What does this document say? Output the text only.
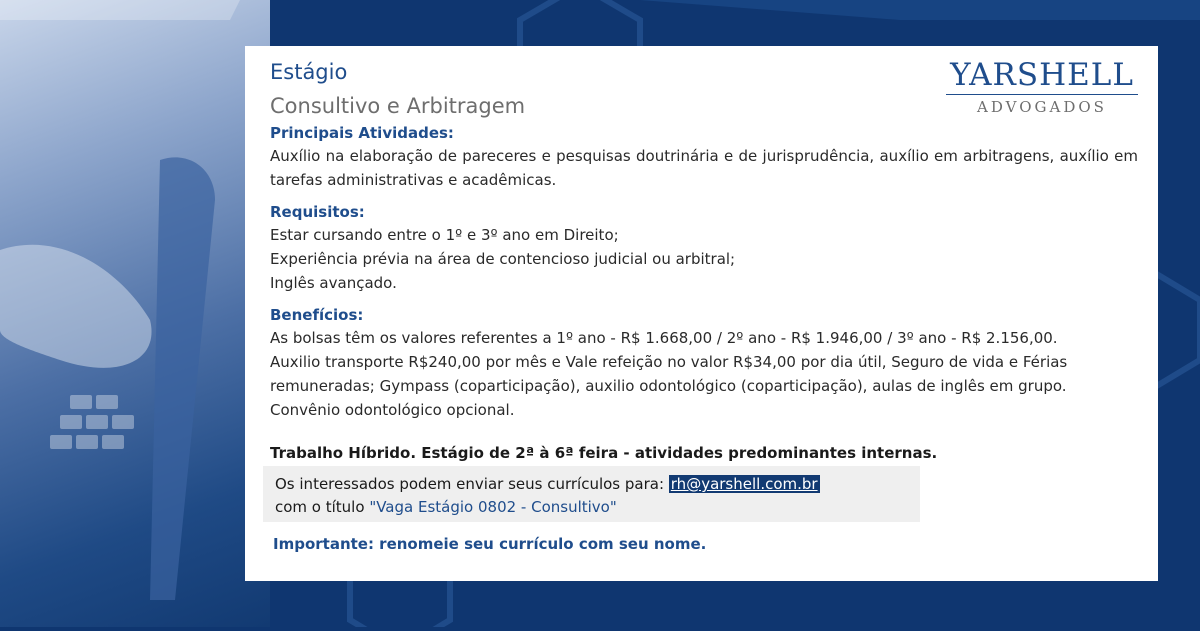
Estágio
Consultivo e Arbitragem
YARSHELL
ADVOGADOS
Principais Atividades:
Auxílio na elaboração de pareceres e pesquisas doutrinária e de jurisprudência, auxílio em arbitragens, auxílio em tarefas administrativas e acadêmicas.
Requisitos:
Estar cursando entre o 1º e 3º ano em Direito;
Experiência prévia na área de contencioso judicial ou arbitral;
Inglês avançado.
Benefícios:
As bolsas têm os valores referentes a 1º ano - R$ 1.668,00 / 2º ano - R$ 1.946,00 / 3º ano - R$ 2.156,00.
Auxilio transporte R$240,00 por mês e Vale refeição no valor R$34,00 por dia útil, Seguro de vida e Férias remuneradas; Gympass (coparticipação), auxilio odontológico (coparticipação), aulas de inglês em grupo.
Convênio odontológico opcional.
Trabalho Híbrido. Estágio de 2ª à 6ª feira - atividades predominantes internas.
Os interessados podem enviar seus currículos para: rh@yarshell.com.br
com o título "Vaga Estágio 0802 - Consultivo"
Importante: renomeie seu currículo com seu nome.
